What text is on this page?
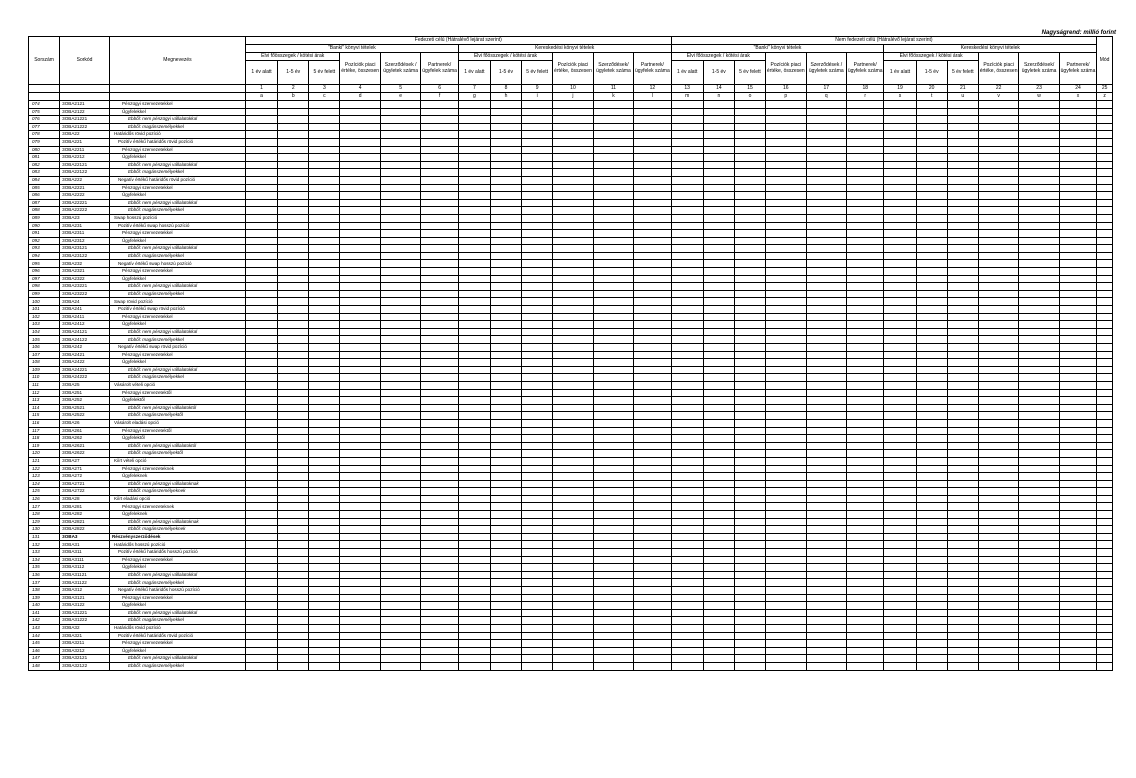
Nagyságrend: millió forint
Sorszám	Sorkód	Megnevezés	Fedezeti célú (Hátralévő lejárat szerint)												Nem fedezeti célú (Hátralévő lejárat szerint)												Mód
			"Banki" könyvi tételek						Kereskedési könyvi tételek						"Banki" könyvi tételek						Kereskedési könyvi tételek						
			Elvi főösszegek / kötési árak			Pozíciók piaci értéke, összesen	Szerződések / ügyletek száma	Partnerek/ ügyfelek száma	Elvi főösszegek / kötési árak			Pozíciók piaci értéke, összesen	Szerződések/ ügyletek száma	Partnerek/ ügyfelek száma	Elvi főösszegek / kötési árak			Pozíciók piaci értéke, összesen	Szerződések / ügyletek száma	Partnerek/ ügyfelek száma	Elvi főösszegek / kötési árak			Pozíciók piaci értéke, összesen	Szerződések/ ügyletek száma	Partnerek/ ügyfelek száma	
			1 év alatt	1-5 év	5 év felett				1 év alatt	1-5 év	5 év felett				1 év alatt	1-5 év	5 év felett				1 év alatt	1-5 év	5 év felett				
			1	2	3	4	5	6	7	8	9	10	11	12	13	14	15	16	17	18	19	20	21	22	23	24	25
			a	b	c	d	e	f	g	h	i	j	k	l	m	n	o	p	q	r	s	t	u	v	w	x	z
074	3OBA2121	Pénzügyi szervezetekkel																									
075	3OBA2122	Ügyfelekkel																									
076	3OBA21221	Ebből: nem pénzügyi vállalatokkal																									
077	3OBA21222	Ebből: magánszemélyekkel																									
078	3OBA22	Határidős rövid pozíció																									
079	3OBA221	Pozitív értékű határidős rövid pozíció																									
080	3OBA2211	Pénzügyi szervezetekkel																									
081	3OBA2212	Ügyfelekkel																									
082	3OBA22121	Ebből: nem pénzügyi vállalatokkal																									
083	3OBA22122	Ebből: magánszemélyekkel																									
084	3OBA222	Negatív értékű határidős rövid pozíció																									
085	3OBA2221	Pénzügyi szervezetekkel																									
086	3OBA2222	Ügyfelekkel																									
087	3OBA22221	Ebből: nem pénzügyi vállalatokkal																									
088	3OBA22222	Ebből: magánszemélyekkel																									
089	3OBA23	Swap hosszú pozíció																									
090	3OBA231	Pozitív értékű swap hosszú pozíció																									
091	3OBA2311	Pénzügyi szervezetekkel																									
092	3OBA2312	Ügyfelekkel																									
093	3OBA23121	Ebből: nem pénzügyi vállalatokkal																									
094	3OBA23122	Ebből: magánszemélyekkel																									
095	3OBA232	Negatív értékű swap hosszú pozíció																									
096	3OBA2321	Pénzügyi szervezetekkel																									
097	3OBA2322	Ügyfelekkel																									
098	3OBA23221	Ebből: nem pénzügyi vállalatokkal																									
099	3OBA23222	Ebből: magánszemélyekkel																									
100	3OBA24	Swap rövid pozíció																									
101	3OBA241	Pozitív értékű swap rövid pozíció																									
102	3OBA2411	Pénzügyi szervezetekkel																									
103	3OBA2412	Ügyfelekkel																									
104	3OBA24121	Ebből: nem pénzügyi vállalatokkal																									
105	3OBA24122	Ebből: magánszemélyekkel																									
106	3OBA242	Negatív értékű swap rövid pozíció																									
107	3OBA2421	Pénzügyi szervezetekkel																									
108	3OBA2422	Ügyfelekkel																									
109	3OBA24221	Ebből: nem pénzügyi vállalatokkal																									
110	3OBA24222	Ebből: magánszemélyekkel																									
111	3OBA25	Vásárolt vételi opció																									
112	3OBA251	Pénzügyi szervezetektől																									
113	3OBA252	Ügyfelektől																									
114	3OBA2521	Ebből: nem pénzügyi vállalatoktól																									
115	3OBA2522	Ebből: magánszemélyektől																									
116	3OBA26	Vásárolt eladási opció																									
117	3OBA261	Pénzügyi szervezetektől																									
118	3OBA262	Ügyfelektől																									
119	3OBA2621	Ebből: nem pénzügyi vállalatoktól																									
120	3OBA2622	Ebből: magánszemélyektől																									
121	3OBA27	Kiírt vételi opció																									
122	3OBA271	Pénzügyi szervezeteknek																									
123	3OBA272	Ügyfeleknek																									
124	3OBA2721	Ebből: nem pénzügyi vállalatoknak																									
125	3OBA2722	Ebből: magánszemélyeknek																									
126	3OBA28	Kiírt eladási opció																									
127	3OBA281	Pénzügyi szervezeteknek																									
128	3OBA282	Ügyfeleknek																									
129	3OBA2821	Ebből: nem pénzügyi vállalatoknak																									
130	3OBA2822	Ebből: magánszemélyeknek																									
131	3OBA3	Részvényszerződések																									
132	3OBA31	Határidős hosszú pozíció																									
133	3OBA311	Pozitív értékű határidős hosszú pozíció																									
134	3OBA3111	Pénzügyi szervezetekkel																									
135	3OBA3112	Ügyfelekkel																									
136	3OBA31121	Ebből: nem pénzügyi vállalatokkal																									
137	3OBA31122	Ebből: magánszemélyekkel																									
138	3OBA312	Negatív értékű határidős hosszú pozíció																									
139	3OBA3121	Pénzügyi szervezetekkel																									
140	3OBA3122	Ügyfelekkel																									
141	3OBA31221	Ebből: nem pénzügyi vállalatokkal																									
142	3OBA31222	Ebből: magánszemélyekkel																									
143	3OBA32	Határidős rövid pozíció																									
144	3OBA321	Pozitív értékű határidős rövid pozíció																									
145	3OBA3211	Pénzügyi szervezetekkel																									
146	3OBA3212	Ügyfelekkel																									
147	3OBA32121	Ebből: nem pénzügyi vállalatokkal																									
148	3OBA32122	Ebből: magánszemélyekkel																									
